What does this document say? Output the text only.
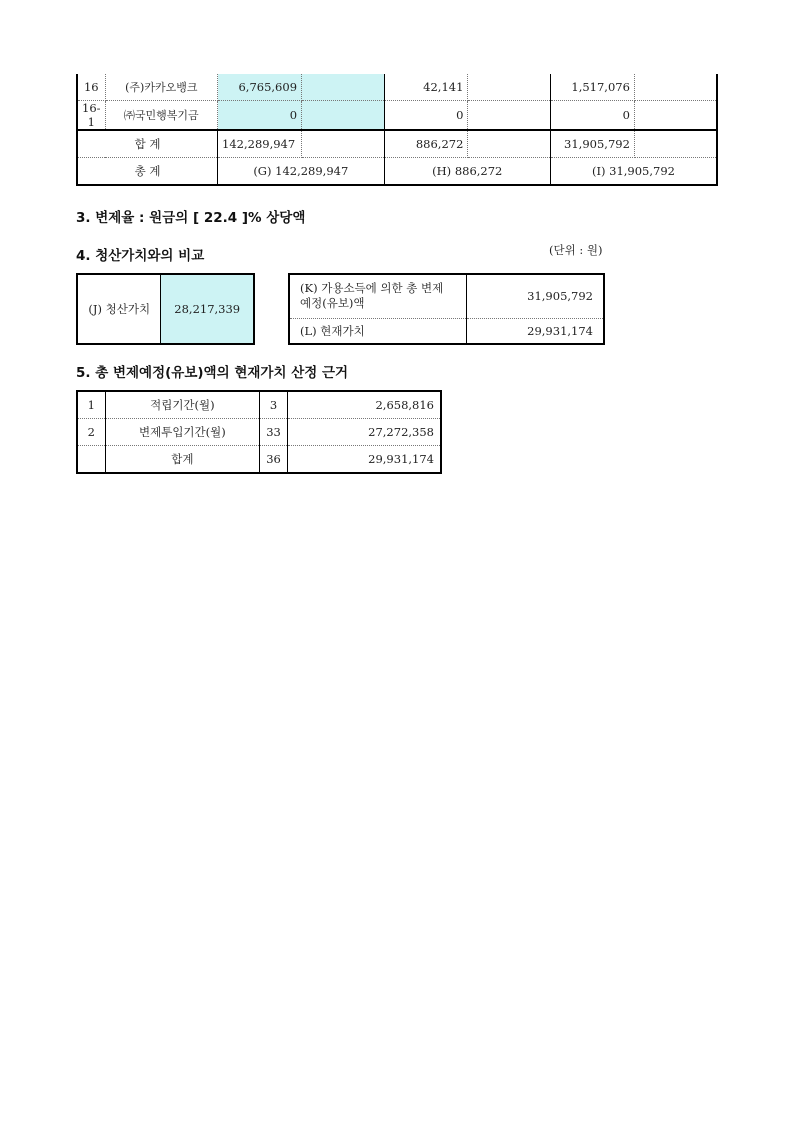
16	(주)카카오뱅크	6,765,609		42,141		1,517,076	
16-1	㈜국민행복기금	0		0		0	
합 계		142,289,947		886,272		31,905,792	
총 계		(G) 142,289,947		(H) 886,272		(I) 31,905,792	
3. 변제율 : 원금의 [ 22.4 ]% 상당액
4. 청산가치와의 비교	(단위 : 원)
(J) 청산가치	28,217,339
(K) 가용소득에 의한 총 변제 예정(유보)액	31,905,792
(L) 현재가치	29,931,174
5. 총 변제예정(유보)액의 현재가치 산정 근거
1	적립기간(월)	3	2,658,816
2	변제투입기간(월)	33	27,272,358
	합계	36	29,931,174
